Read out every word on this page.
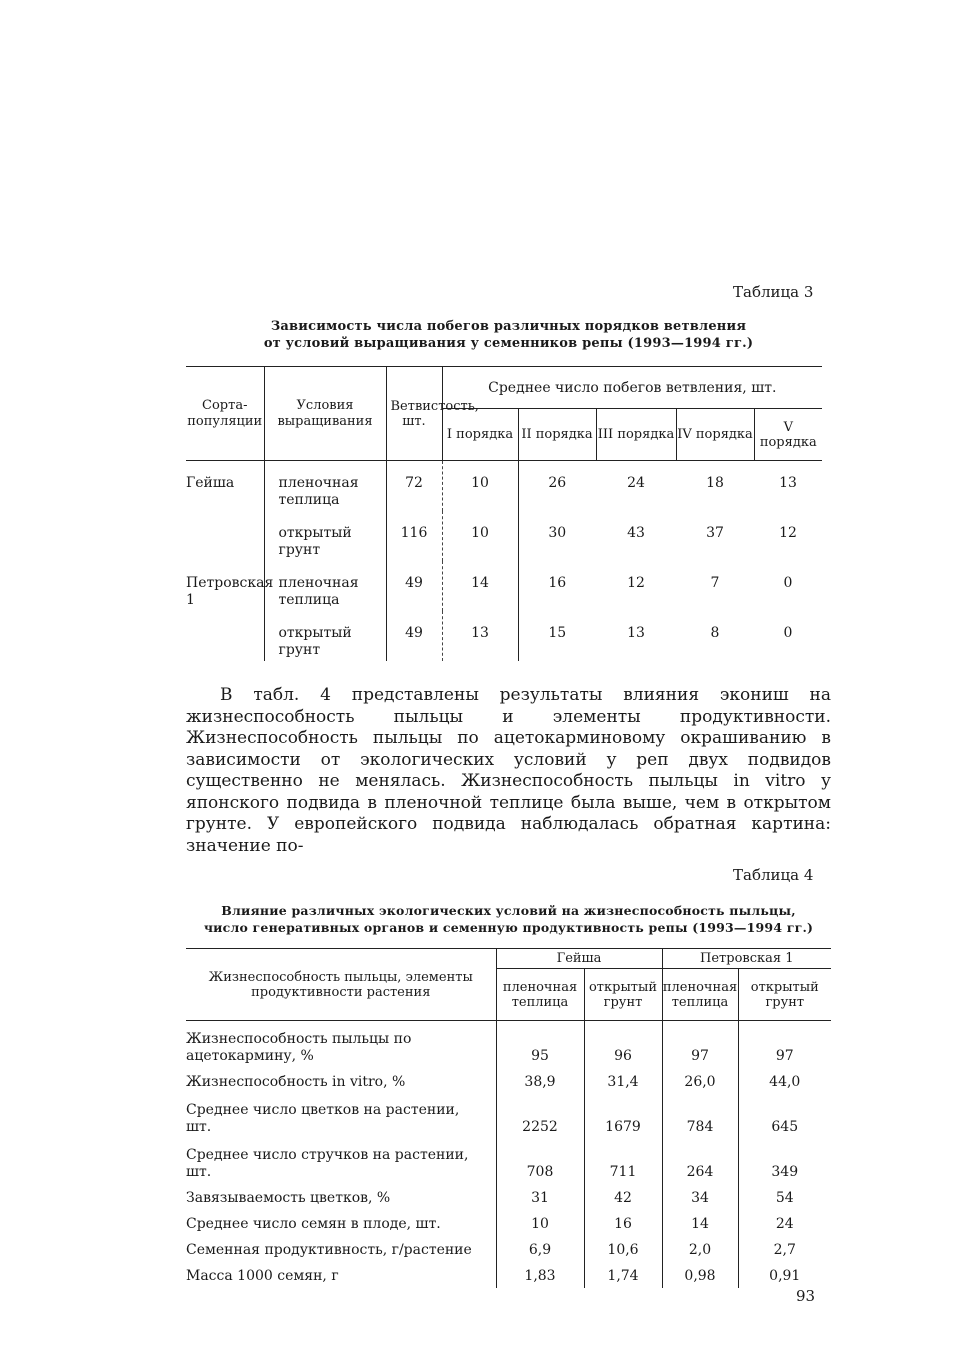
Таблица 3
Зависимость числа побегов различных порядков ветвления
от условий выращивания у семенников репы (1993—1994 гг.)
Сорта-популяции	Условия выращивания	Ветвистость, шт.	Среднее число побегов ветвления, шт.				
			I порядка	II порядка	III порядка	IV порядка	V порядка
Гейша	пленочная теплица	72	10	26	24	18	13
	открытый грунт	116	10	30	43	37	12
Петровская 1	пленочная теплица	49	14	16	12	7	0
	открытый грунт	49	13	15	13	8	0
В табл. 4 представлены результаты влияния экониш на жизнеспособность пыльцы и элементы продуктивности. Жизнеспособность пыльцы по ацетокарминовому окрашиванию в зависимости от экологических условий у реп двух подвидов существенно не менялась. Жизнеспособность пыльцы in vitro у японского подвида в пленочной теплице была выше, чем в открытом грунте. У европейского подвида наблюдалась обратная картина: значение по-
Таблица 4
Влияние различных экологических условий на жизнеспособность пыльцы,
число генеративных органов и семенную продуктивность репы (1993—1994 гг.)
Жизнеспособность пыльцы, элементы продуктивности растения	Гейша		Петровская 1	
	пленочная теплица	открытый грунт	пленочная теплица	открытый грунт
Жизнеспособность пыльцы по ацетокармину, %	95	96	97	97
Жизнеспособность in vitro, %	38,9	31,4	26,0	44,0
Среднее число цветков на растении, шт.	2252	1679	784	645
Среднее число стручков на растении, шт.	708	711	264	349
Завязываемость цветков, %	31	42	34	54
Среднее число семян в плоде, шт.	10	16	14	24
Семенная продуктивность, г/растение	6,9	10,6	2,0	2,7
Масса 1000 семян, г	1,83	1,74	0,98	0,91
93
